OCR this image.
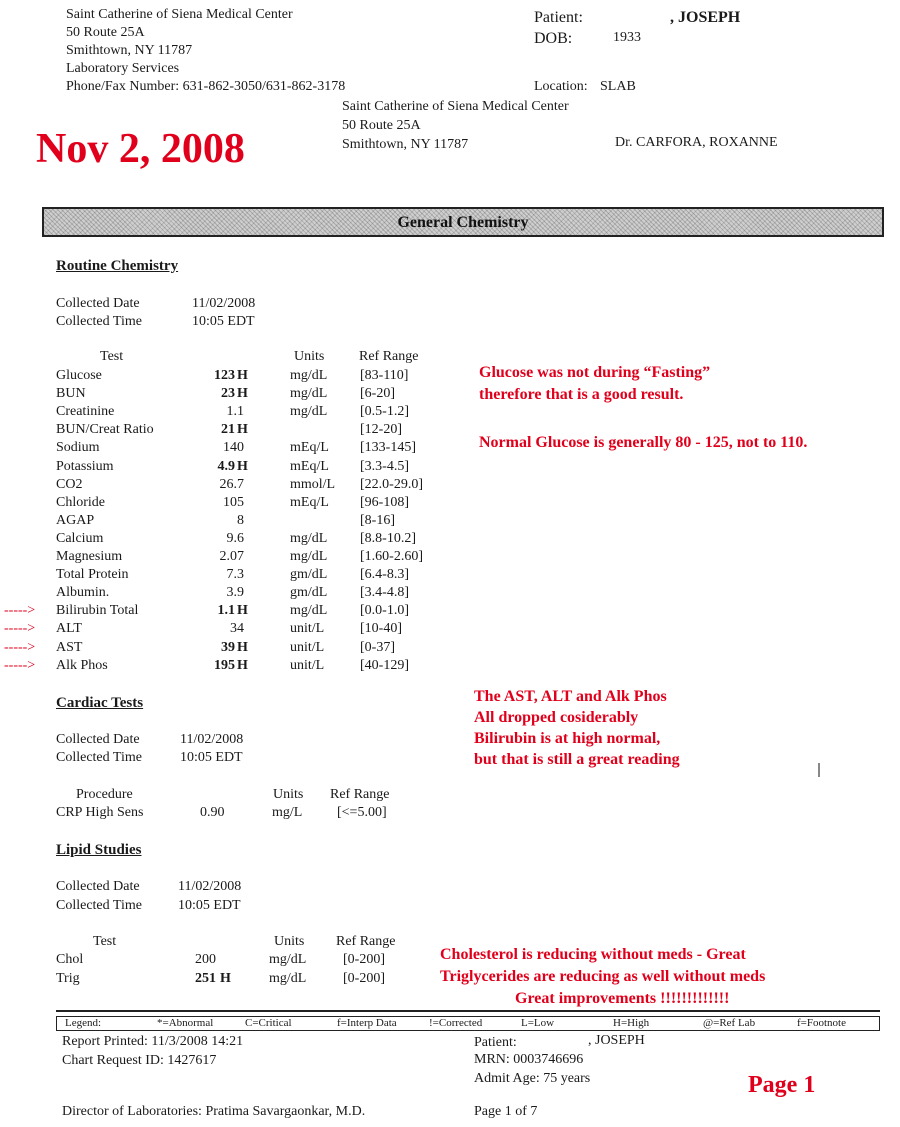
Saint Catherine of Siena Medical Center
50 Route 25A
Smithtown, NY 11787
Laboratory Services
Phone/Fax Number: 631-862-3050/631-862-3178
Patient:	, JOSEPH
DOB:	1933
Location: SLAB
Saint Catherine of Siena Medical Center
50 Route 25A
Smithtown, NY 11787	Dr. CARFORA, ROXANNE
Nov 2, 2008
General Chemistry
Routine Chemistry
Collected Date	11/02/2008
Collected Time	10:05 EDT
Test	Units Ref Range
Glucose	123 H	mg/dL [83-110]
BUN	23 H	mg/dL [6-20]
Creatinine	1.1	mg/dL [0.5-1.2]
BUN/Creat Ratio	21 H	[12-20]
Sodium	140	mEq/L [133-145]
Potassium	4.9 H	mEq/L [3.3-4.5]
CO2	26.7	mmol/L [22.0-29.0]
Chloride	105	mEq/L [96-108]
AGAP	8	[8-16]
Calcium	9.6	mg/dL [8.8-10.2]
Magnesium	2.07	mg/dL [1.60-2.60]
Total Protein	7.3	gm/dL [6.4-8.3]
Albumin.	3.9	gm/dL [3.4-4.8]
-----> Bilirubin Total	1.1 H	mg/dL [0.0-1.0]
-----> ALT	34	unit/L	[10-40]
-----> AST	39 H	unit/L	[0-37]
-----> Alk Phos	195 H	unit/L	[40-129]
Glucose was not during “Fasting”
therefore that is a good result.
Normal Glucose is generally 80 - 125, not to 110.
The AST, ALT and Alk Phos
All dropped cosiderably
Bilirubin is at high normal,
but that is still a great reading
Cardiac Tests
Collected Date	11/02/2008
Collected Time	10:05 EDT
Procedure	Units Ref Range
CRP High Sens	0.90	mg/L [<=5.00]
Lipid Studies
Collected Date	11/02/2008
Collected Time	10:05 EDT
Test	Units Ref Range
Chol	200	mg/dL	[0-200]
Trig	251 H	mg/dL	[0-200]
Cholesterol is reducing without meds - Great
Triglycerides are reducing as well without meds
Great improvements !!!!!!!!!!!!!
Legend:	*=Abnormal	C=Critical	f=Interp Data	!=Corrected	L=Low	H=High	@=Ref Lab	f=Footnote
Report Printed: 11/3/2008 14:21
Chart Request ID: 1427617
Patient:	, JOSEPH
MRN: 0003746696
Admit Age: 75 years	Page 1
Director of Laboratories: Pratima Savargaonkar, M.D.	Page 1 of 7
